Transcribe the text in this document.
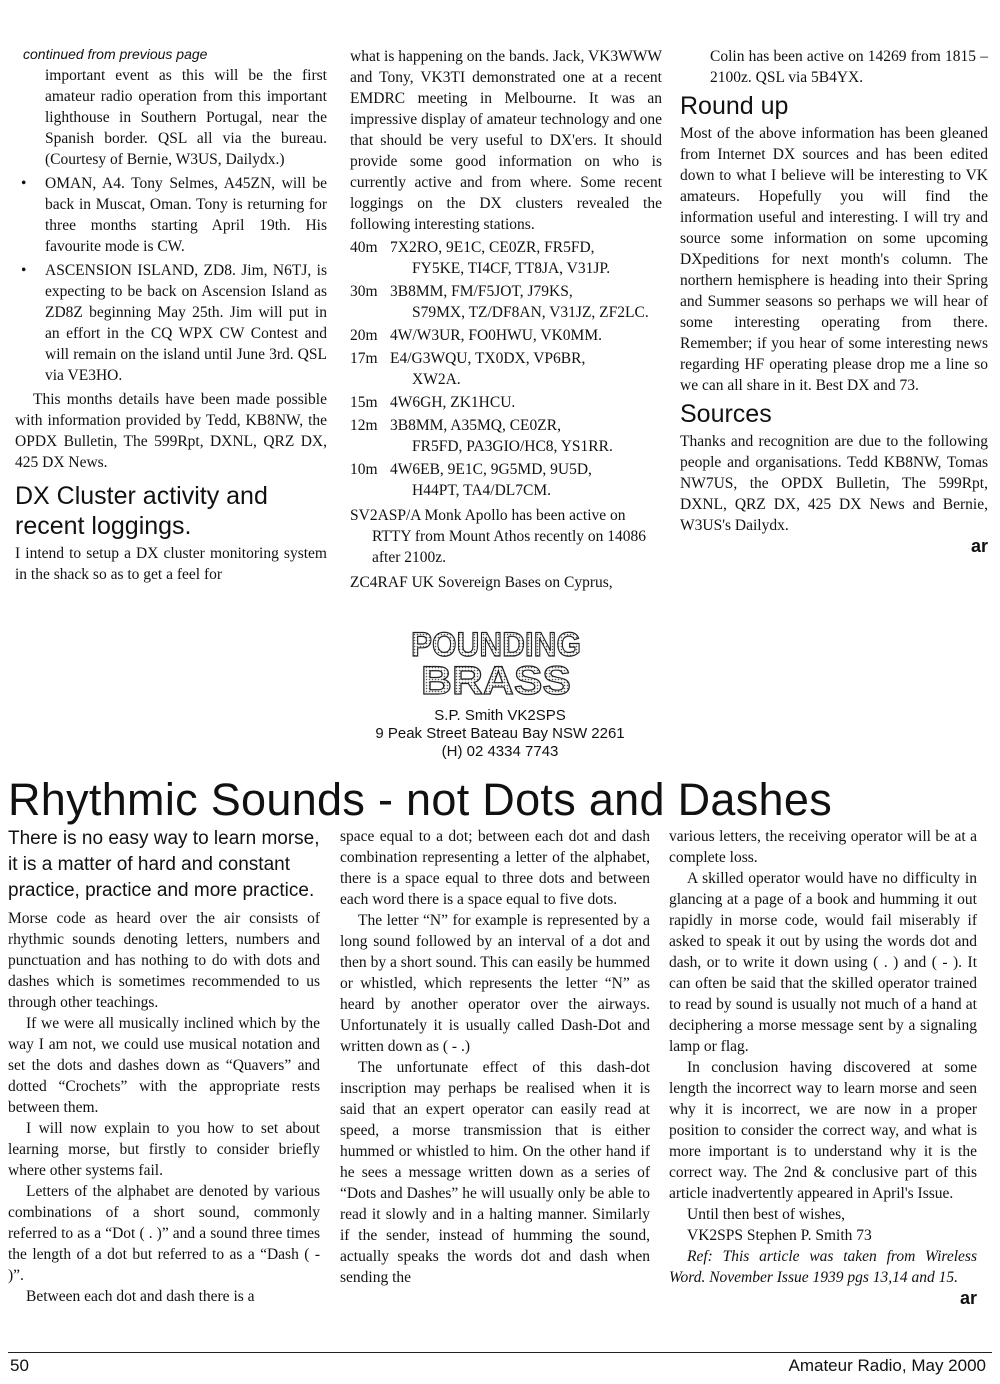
continued from previous page

important event as this will be the first amateur radio operation from this important lighthouse in Southern Portugal, near the Spanish border. QSL all via the bureau. (Courtesy of Bernie, W3US, Dailydx.)

• OMAN, A4. Tony Selmes, A45ZN, will be back in Muscat, Oman. Tony is returning for three months starting April 19th. His favourite mode is CW.
• ASCENSION ISLAND, ZD8. Jim, N6TJ, is expecting to be back on Ascension Island as ZD8Z beginning May 25th. Jim will put in an effort in the CQ WPX CW Contest and will remain on the island until June 3rd. QSL via VE3HO.

This months details have been made possible with information provided by Tedd, KB8NW, the OPDX Bulletin, The 599Rpt, DXNL, QRZ DX, 425 DX News.

DX Cluster activity and recent loggings.

I intend to setup a DX cluster monitoring system in the shack so as to get a feel for

what is happening on the bands. Jack, VK3WWW and Tony, VK3TI demonstrated one at a recent EMDRC meeting in Melbourne. It was an impressive display of amateur technology and one that should be very useful to DX'ers. It should provide some good information on who is currently active and from where. Some recent loggings on the DX clusters revealed the following interesting stations.

40m 7X2RO, 9E1C, CE0ZR, FR5FD,
FY5KE, TI4CF, TT8JA, V31JP.
30m 3B8MM, FM/F5JOT, J79KS,
S79MX, TZ/DF8AN, V31JZ, ZF2LC.
20m 4W/W3UR, FO0HWU, VK0MM.
17m E4/G3WQU, TX0DX, VP6BR,
XW2A.
15m 4W6GH, ZK1HCU.
12m 3B8MM, A35MQ, CE0ZR,
FR5FD, PA3GIO/HC8, YS1RR.
10m 4W6EB, 9E1C, 9G5MD, 9U5D,
H44PT, TA4/DL7CM.

SV2ASP/A Monk Apollo has been active on RTTY from Mount Athos recently on 14086 after 2100z.

ZC4RAF UK Sovereign Bases on Cyprus,

Colin has been active on 14269 from 1815 –2100z. QSL via 5B4YX.

Round up

Most of the above information has been gleaned from Internet DX sources and has been edited down to what I believe will be interesting to VK amateurs. Hopefully you will find the information useful and interesting. I will try and source some information on some upcoming DXpeditions for next month's column. The northern hemisphere is heading into their Spring and Summer seasons so perhaps we will hear of some interesting operating from there. Remember; if you hear of some interesting news regarding HF operating please drop me a line so we can all share in it. Best DX and 73.

Sources

Thanks and recognition are due to the following people and organisations. Tedd KB8NW, Tomas NW7US, the OPDX Bulletin, The 599Rpt, DXNL, QRZ DX, 425 DX News and Bernie, W3US's Dailydx.

ar
POUNDING
BRASS
S.P. Smith VK2SPS
9 Peak Street Bateau Bay NSW 2261
(H) 02 4334 7743
Rhythmic Sounds - not Dots and Dashes
There is no easy way to learn morse, it is a matter of hard and constant practice, practice and more practice.

Morse code as heard over the air consists of rhythmic sounds denoting letters, numbers and punctuation and has nothing to do with dots and dashes which is sometimes recommended to us through other teachings.

If we were all musically inclined which by the way I am not, we could use musical notation and set the dots and dashes down as “Quavers” and dotted “Crochets” with the appropriate rests between them.

I will now explain to you how to set about learning morse, but firstly to consider briefly where other systems fail.

Letters of the alphabet are denoted by various combinations of a short sound, commonly referred to as a “Dot ( . )” and a sound three times the length of a dot but referred to as a “Dash ( - )”.

Between each dot and dash there is a

space equal to a dot; between each dot and dash combination representing a letter of the alphabet, there is a space equal to three dots and between each word there is a space equal to five dots.

The letter “N” for example is represented by a long sound followed by an interval of a dot and then by a short sound. This can easily be hummed or whistled, which represents the letter “N” as heard by another operator over the airways. Unfortunately it is usually called Dash-Dot and written down as ( - .)

The unfortunate effect of this dash-dot inscription may perhaps be realised when it is said that an expert operator can easily read at speed, a morse transmission that is either hummed or whistled to him. On the other hand if he sees a message written down as a series of “Dots and Dashes” he will usually only be able to read it slowly and in a halting manner. Similarly if the sender, instead of humming the sound, actually speaks the words dot and dash when sending the

various letters, the receiving operator will be at a complete loss.

A skilled operator would have no difficulty in glancing at a page of a book and humming it out rapidly in morse code, would fail miserably if asked to speak it out by using the words dot and dash, or to write it down using ( . ) and ( - ). It can often be said that the skilled operator trained to read by sound is usually not much of a hand at deciphering a morse message sent by a signaling lamp or flag.

In conclusion having discovered at some length the incorrect way to learn morse and seen why it is incorrect, we are now in a proper position to consider the correct way, and what is more important is to understand why it is the correct way. The 2nd & conclusive part of this article inadvertently appeared in April's Issue.

Until then best of wishes,

VK2SPS Stephen P. Smith 73

Ref: This article was taken from Wireless Word. November Issue 1939 pgs 13,14 and 15.

ar
50	Amateur Radio, May 2000
